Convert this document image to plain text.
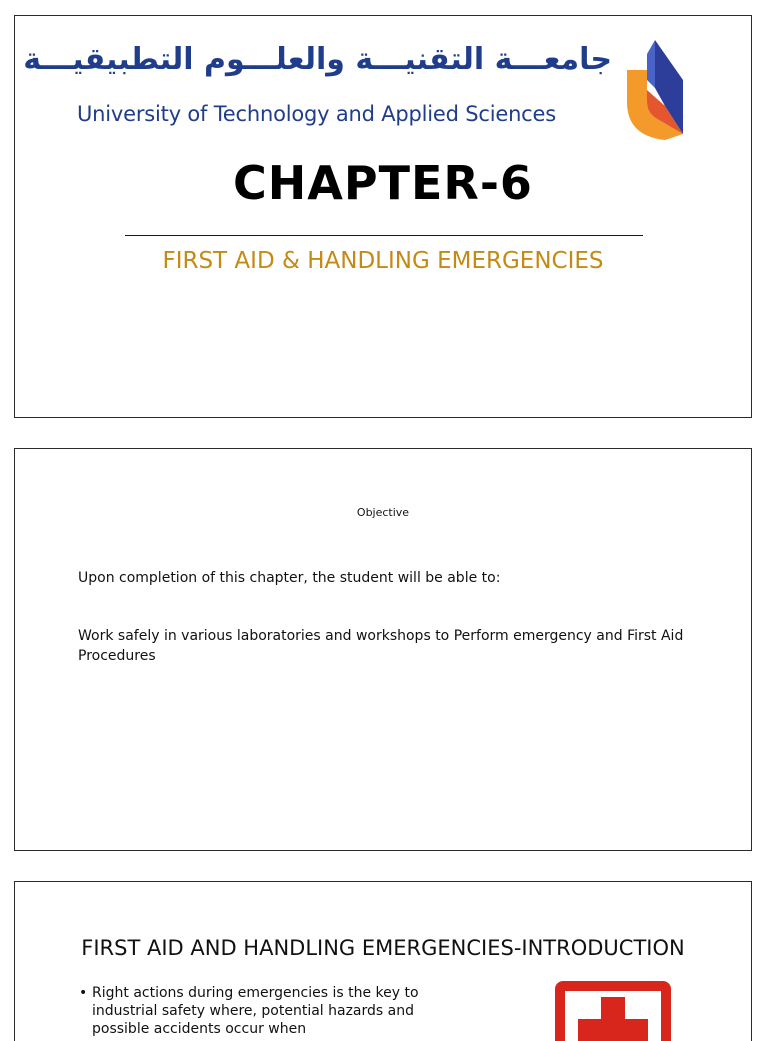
جامعـــة التقنيـــة والعلـــوم التطبيقيـــة
University of Technology and Applied Sciences
CHAPTER-6
FIRST AID & HANDLING EMERGENCIES
Objective
Upon completion of this chapter, the student will be able to:
Work safely in various laboratories and workshops to Perform emergency and First Aid Procedures
FIRST AID AND HANDLING EMERGENCIES-INTRODUCTION
• Right actions during emergencies is the key to industrial safety where, potential hazards and possible accidents occur when
